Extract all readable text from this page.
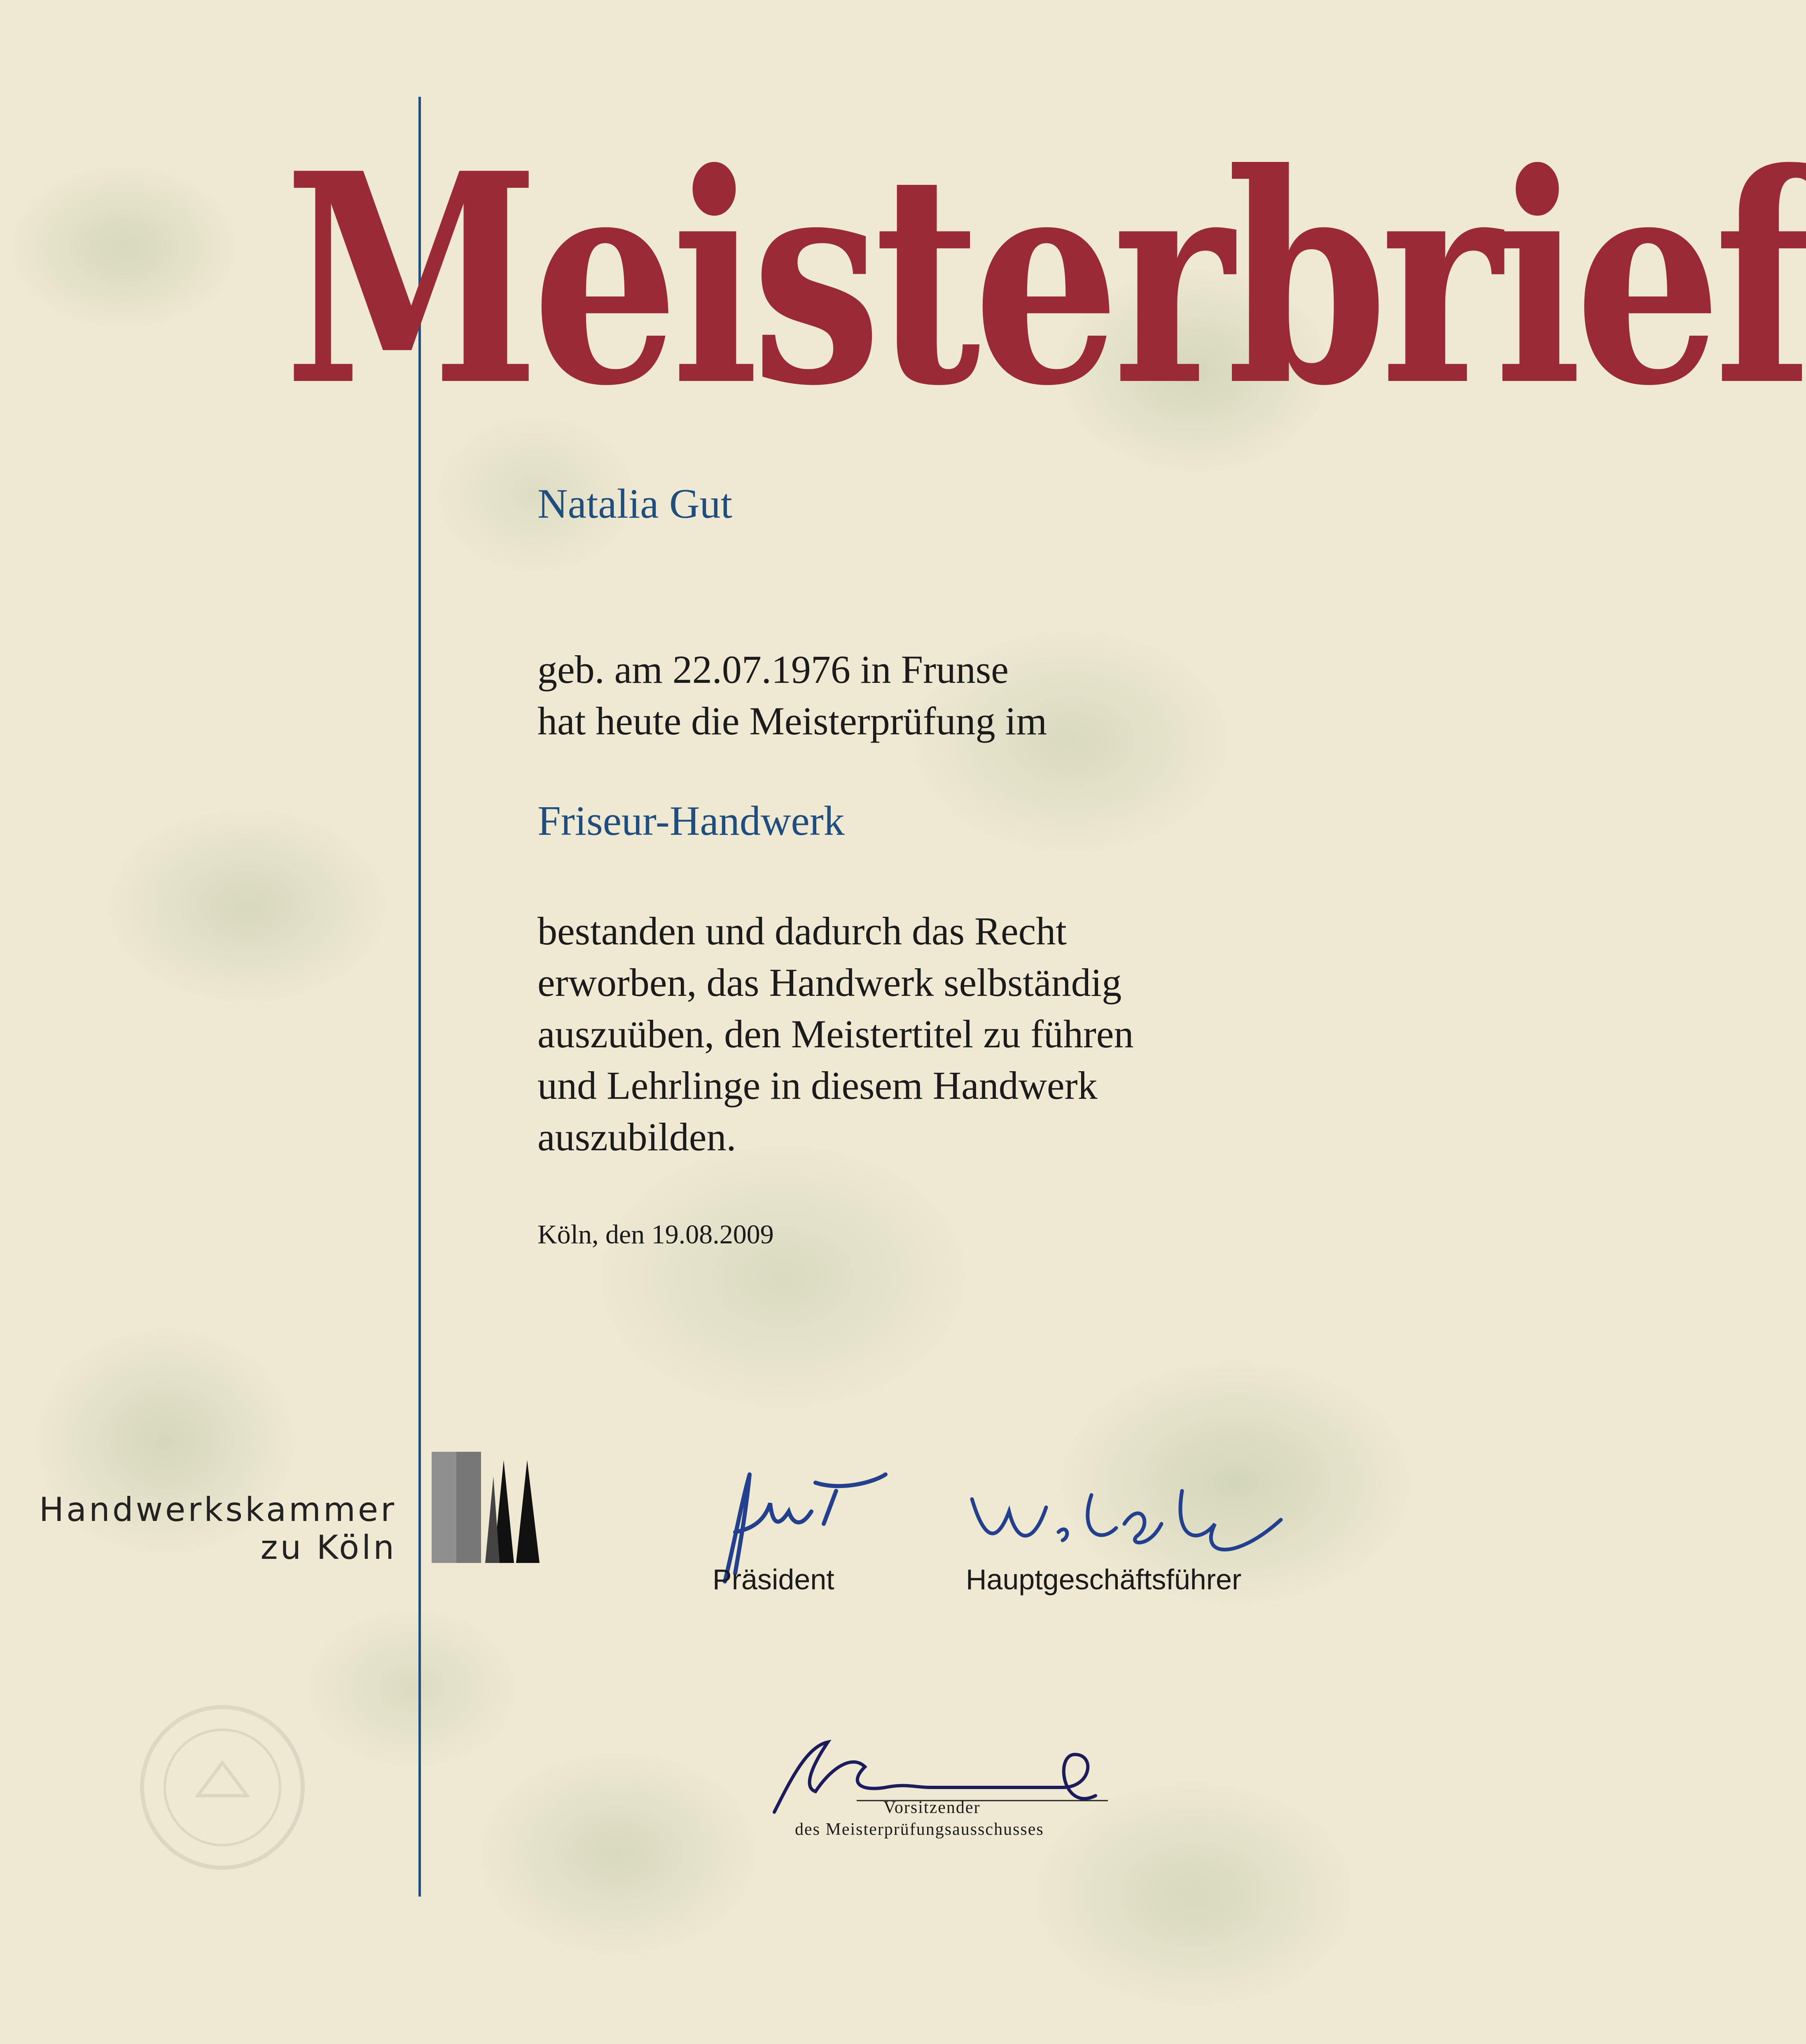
Meisterbrief
Natalia Gut
geb. am 22.07.1976 in Frunse
hat heute die Meisterprüfung im
Friseur-Handwerk
bestanden und dadurch das Recht
erworben, das Handwerk selbständig
auszuüben, den Meistertitel zu führen
und Lehrlinge in diesem Handwerk
auszubilden.
Köln, den 19.08.2009
Handwerkskammer
zu Köln
Präsident	Hauptgeschäftsführer
Vorsitzender
des Meisterprüfungsausschusses
